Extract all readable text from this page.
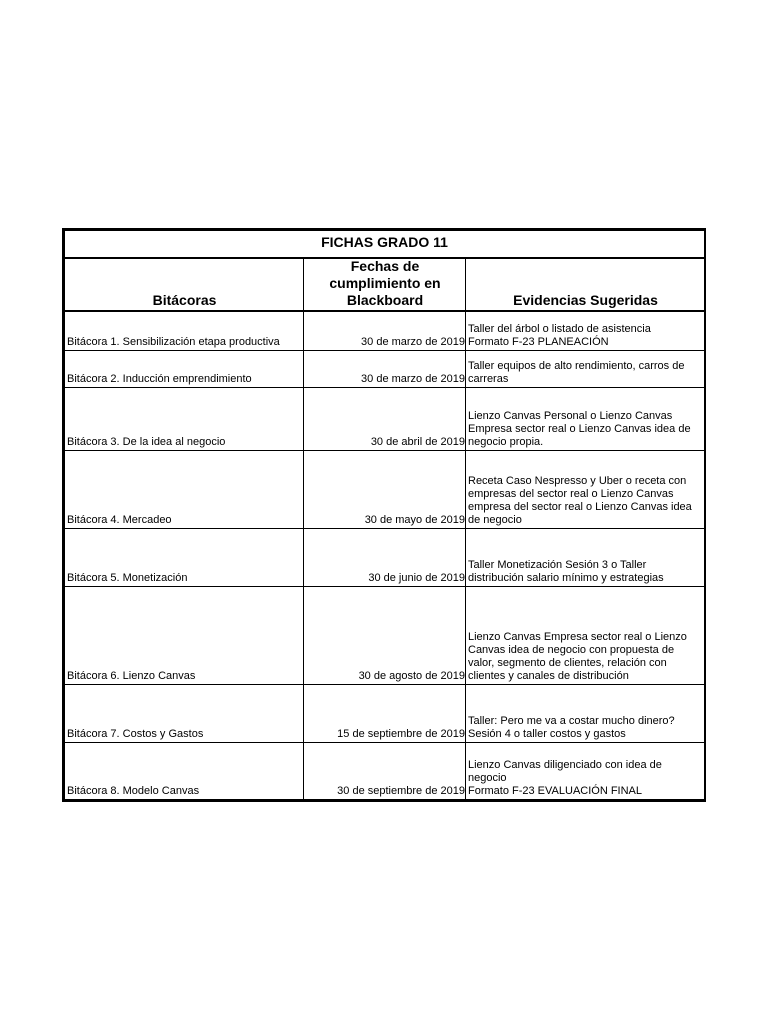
FICHAS GRADO 11		
Bitácoras	Fechas de cumplimiento en Blackboard	Evidencias Sugeridas
Bitácora 1. Sensibilización etapa productiva	30 de marzo de 2019	Taller del árbol o listado de asistencia
Formato F-23 PLANEACIÓN

Bitácora 2. Inducción emprendimiento	30 de marzo de 2019	Taller equipos de alto rendimiento, carros de carreras

Bitácora 3. De la idea al negocio	30 de abril de 2019	Lienzo Canvas Personal o Lienzo Canvas Empresa sector real o Lienzo Canvas idea de negocio propia.

Bitácora 4. Mercadeo	30 de mayo de 2019	Receta Caso Nespresso y Uber o receta con empresas del sector real o Lienzo Canvas empresa del sector real o Lienzo Canvas idea de negocio

Bitácora 5. Monetización	30 de junio de 2019	Taller Monetización Sesión 3 o Taller distribución salario mínimo y estrategias

Bitácora 6. Lienzo Canvas	30 de agosto de 2019	Lienzo Canvas Empresa sector real o Lienzo Canvas idea de negocio con propuesta de valor, segmento de clientes, relación con clientes y canales de distribución

Bitácora 7. Costos y Gastos	15 de septiembre de 2019	Taller: Pero me va a costar mucho dinero?
Sesión 4 o taller costos y gastos

Bitácora 8. Modelo Canvas	30 de septiembre de 2019	Lienzo Canvas diligenciado con idea de negocio
Formato F-23 EVALUACIÓN FINAL
